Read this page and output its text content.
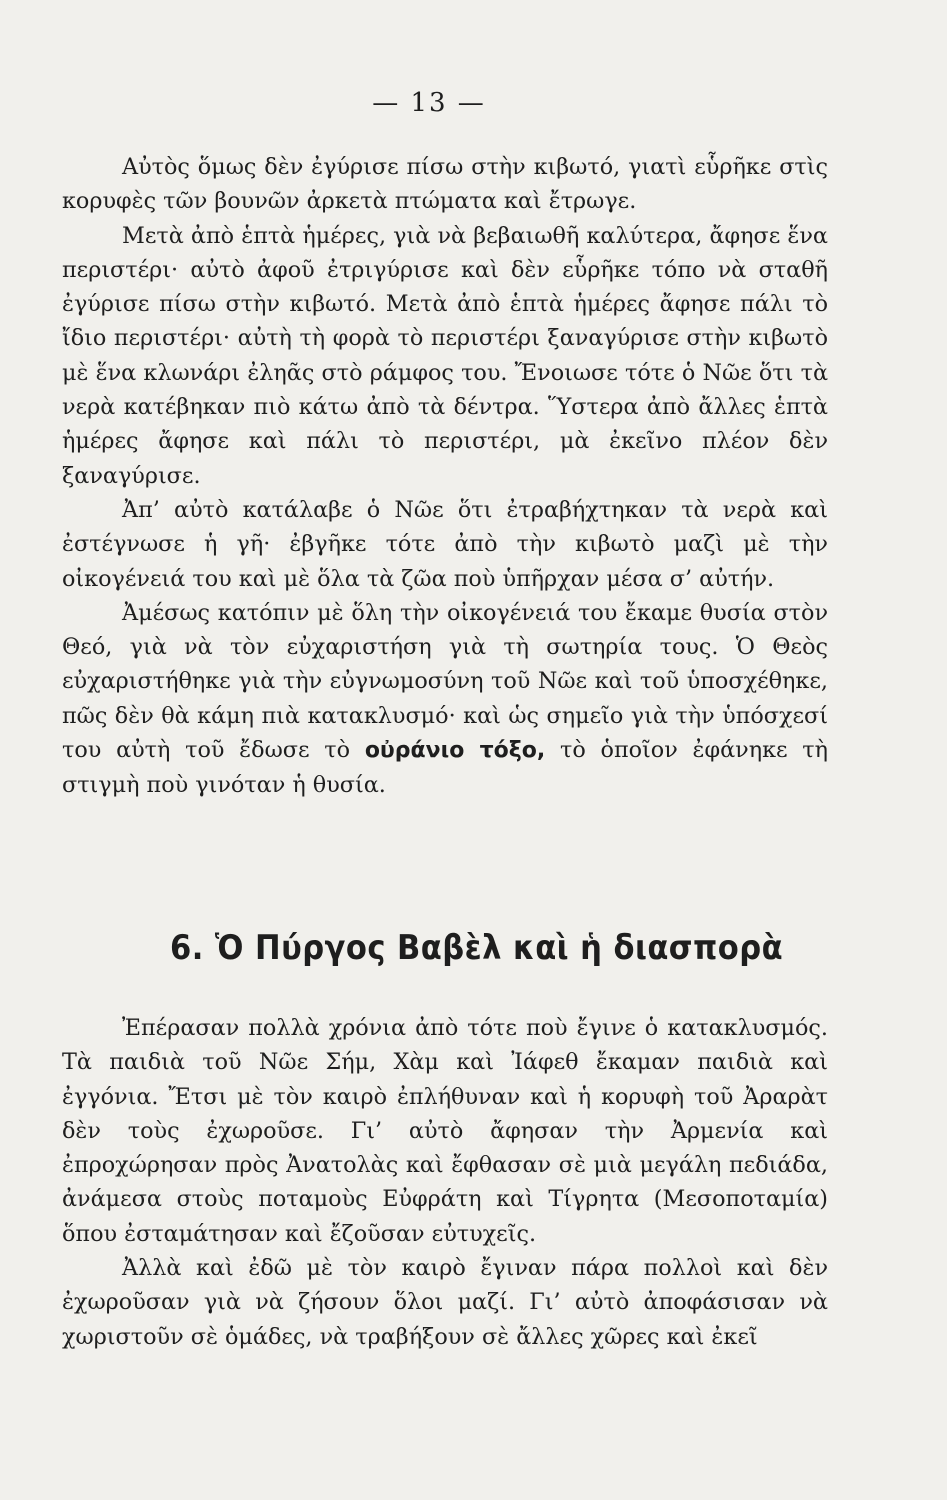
— 13 —

Αὐτὸς ὅμως δὲν ἐγύρισε πίσω στὴν κιβωτό, γιατὶ εὗρῆκε στὶς κορυφὲς τῶν βουνῶν ἀρκετὰ πτώματα καὶ ἔτρωγε.

Μετὰ ἀπὸ ἑπτὰ ἡμέρες, γιὰ νὰ βεβαιωθῆ καλύτερα, ἄφησε ἕνα περιστέρι· αὐτὸ ἀφοῦ ἐτριγύρισε καὶ δὲν εὗρῆκε τόπο νὰ σταθῆ ἐγύρισε πίσω στὴν κιβωτό. Μετὰ ἀπὸ ἑπτὰ ἡμέρες ἄφησε πάλι τὸ ἴδιο περιστέρι· αὐτὴ τὴ φορὰ τὸ περιστέρι ξαναγύρισε στὴν κιβωτὸ μὲ ἕνα κλωνάρι ἐληᾶς στὸ ράμφος του. Ἔνοιωσε τότε ὁ Νῶε ὅτι τὰ νερὰ κατέβηκαν πιὸ κάτω ἀπὸ τὰ δέντρα. Ὕστερα ἀπὸ ἄλλες ἑπτὰ ἡμέρες ἄφησε καὶ πάλι τὸ περιστέρι, μὰ ἐκεῖνο πλέον δὲν ξαναγύρισε.

Ἀπ’ αὐτὸ κατάλαβε ὁ Νῶε ὅτι ἐτραβήχτηκαν τὰ νερὰ καὶ ἐστέγνωσε ἡ γῆ· ἐβγῆκε τότε ἀπὸ τὴν κιβωτὸ μαζὶ μὲ τὴν οἰκογένειά του καὶ μὲ ὅλα τὰ ζῶα ποὺ ὑπῆρχαν μέσα σ’ αὐτήν.

Ἀμέσως κατόπιν μὲ ὅλη τὴν οἰκογένειά του ἔκαμε θυσία στὸν Θεό, γιὰ νὰ τὸν εὐχαριστήση γιὰ τὴ σωτηρία τους. Ὁ Θεὸς εὐχαριστήθηκε γιὰ τὴν εὐγνωμοσύνη τοῦ Νῶε καὶ τοῦ ὑποσχέθηκε, πῶς δὲν θὰ κάμη πιὰ κατακλυσμό· καὶ ὡς σημεῖο γιὰ τὴν ὑπόσχεσί του αὐτὴ τοῦ ἔδωσε τὸ οὐράνιο τόξο, τὸ ὁποῖον ἐφάνηκε τὴ στιγμὴ ποὺ γινόταν ἡ θυσία.

6. Ὁ Πύργος Βαβὲλ καὶ ἡ διασπορὰ

Ἐπέρασαν πολλὰ χρόνια ἀπὸ τότε ποὺ ἔγινε ὁ κατακλυσμός. Τὰ παιδιὰ τοῦ Νῶε Σήμ, Χὰμ καὶ Ἰάφεθ ἔκαμαν παιδιὰ καὶ ἐγγόνια. Ἔτσι μὲ τὸν καιρὸ ἐπλήθυναν καὶ ἡ κορυφὴ τοῦ Ἀραρὰτ δὲν τοὺς ἐχωροῦσε. Γι’ αὐτὸ ἄφησαν τὴν Ἀρμενία καὶ ἐπροχώρησαν πρὸς Ἀνατολὰς καὶ ἔφθασαν σὲ μιὰ μεγάλη πεδιάδα, ἀνάμεσα στοὺς ποταμοὺς Εὐφράτη καὶ Τίγρητα (Μεσοποταμία) ὅπου ἐσταμάτησαν καὶ ἔζοῦσαν εὐτυχεῖς.

Ἀλλὰ καὶ ἐδῶ μὲ τὸν καιρὸ ἔγιναν πάρα πολλοὶ καὶ δὲν ἐχωροῦσαν γιὰ νὰ ζήσουν ὅλοι μαζί. Γι’ αὐτὸ ἀποφάσισαν νὰ χωριστοῦν σὲ ὁμάδες, νὰ τραβήξουν σὲ ἄλλες χῶρες καὶ ἐκεῖ
